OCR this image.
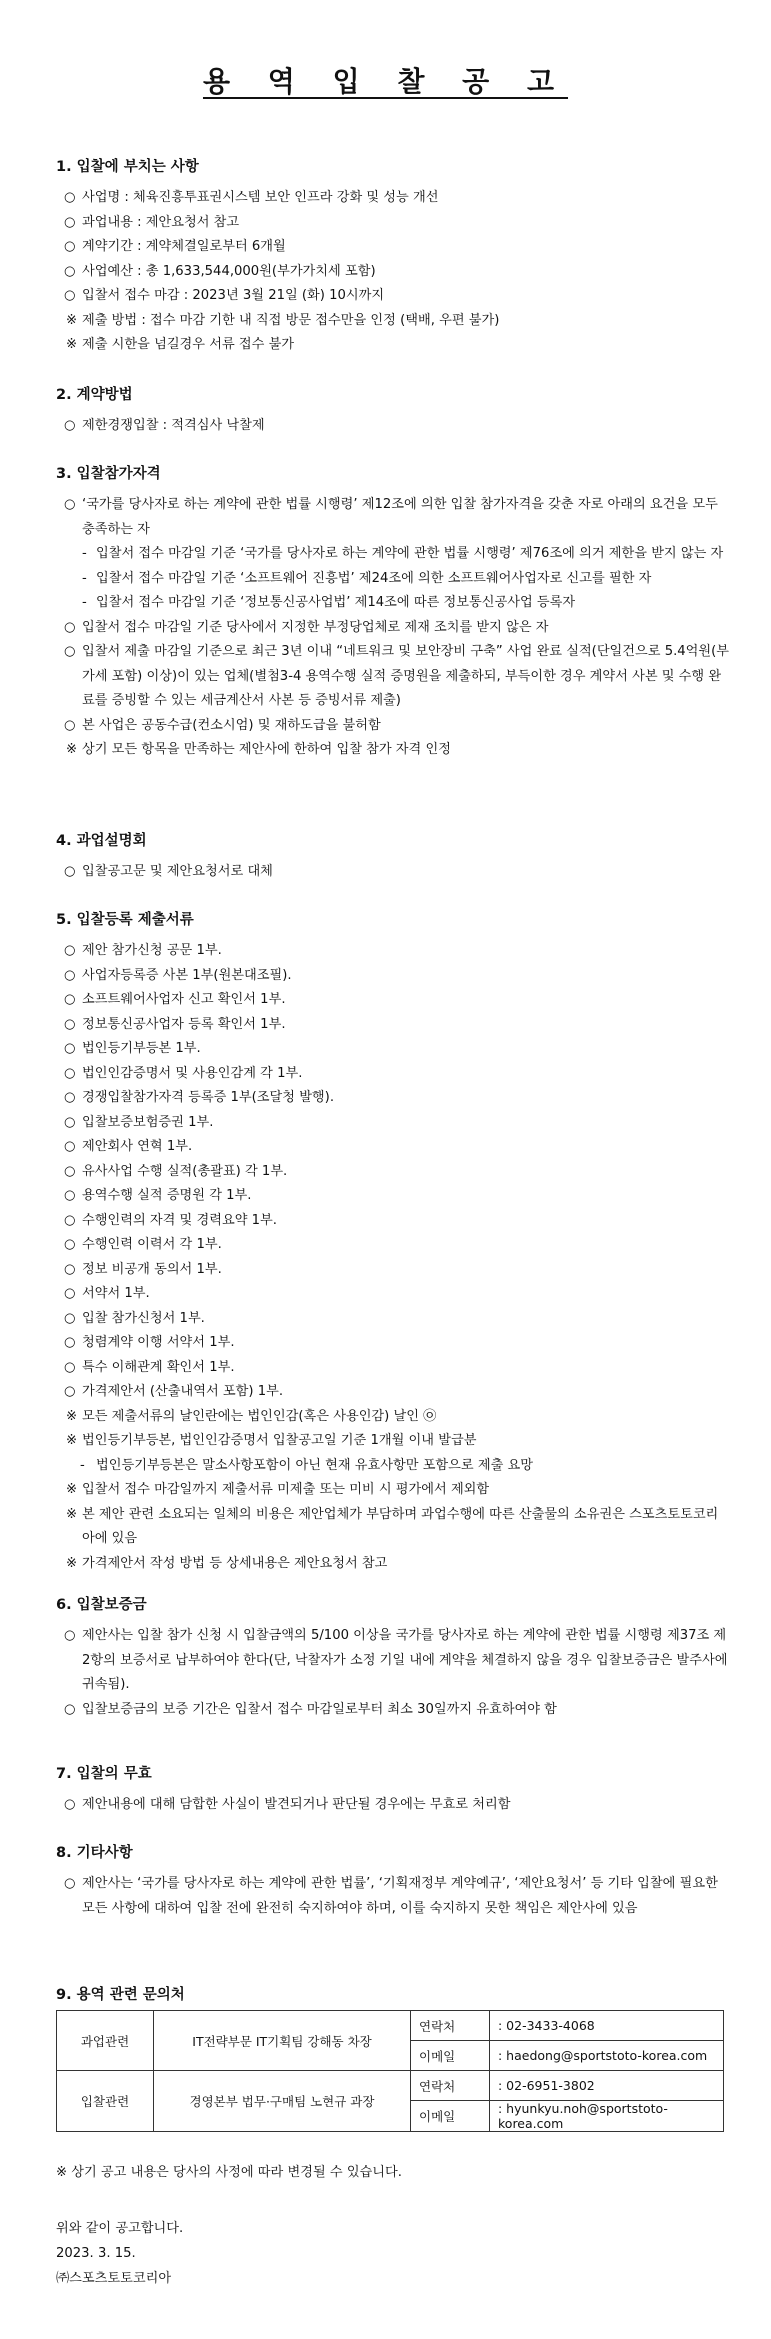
용 역 입 찰 공 고
1. 입찰에 부치는 사항
○ 사업명 : 체육진흥투표권시스템 보안 인프라 강화 및 성능 개선
○ 과업내용 : 제안요청서 참고
○ 계약기간 : 계약체결일로부터 6개월
○ 사업예산 : 총 1,633,544,000원(부가가치세 포함)
○ 입찰서 접수 마감 : 2023년 3월 21일 (화) 10시까지
※ 제출 방법 : 접수 마감 기한 내 직접 방문 접수만을 인정 (택배, 우편 불가)
※ 제출 시한을 넘길경우 서류 접수 불가
2. 계약방법
○ 제한경쟁입찰 : 적격심사 낙찰제
3. 입찰참가자격
○ ‘국가를 당사자로 하는 계약에 관한 법률 시행령’ 제12조에 의한 입찰 참가자격을 갖춘 자로 아래의 요건을 모두 충족하는 자
- 입찰서 접수 마감일 기준 ‘국가를 당사자로 하는 계약에 관한 법률 시행령’ 제76조에 의거 제한을 받지 않는 자
- 입찰서 접수 마감일 기준 ‘소프트웨어 진흥법’ 제24조에 의한 소프트웨어사업자로 신고를 필한 자
- 입찰서 접수 마감일 기준 ‘정보통신공사업법’ 제14조에 따른 정보통신공사업 등록자
○ 입찰서 접수 마감일 기준 당사에서 지정한 부정당업체로 제재 조치를 받지 않은 자
○ 입찰서 제출 마감일 기준으로 최근 3년 이내 “네트워크 및 보안장비 구축” 사업 완료 실적(단일건으로 5.4억원(부가세 포함) 이상)이 있는 업체(별첨3-4 용역수행 실적 증명원을 제출하되, 부득이한 경우 계약서 사본 및 수행 완료를 증빙할 수 있는 세금계산서 사본 등 증빙서류 제출)
○ 본 사업은 공동수급(컨소시엄) 및 재하도급을 불허함
※ 상기 모든 항목을 만족하는 제안사에 한하여 입찰 참가 자격 인정
4. 과업설명회
○ 입찰공고문 및 제안요청서로 대체
5. 입찰등록 제출서류
○ 제안 참가신청 공문 1부.
○ 사업자등록증 사본 1부(원본대조필).
○ 소프트웨어사업자 신고 확인서 1부.
○ 정보통신공사업자 등록 확인서 1부.
○ 법인등기부등본 1부.
○ 법인인감증명서 및 사용인감계 각 1부.
○ 경쟁입찰참가자격 등록증 1부(조달청 발행).
○ 입찰보증보험증권 1부.
○ 제안회사 연혁 1부.
○ 유사사업 수행 실적(총괄표) 각 1부.
○ 용역수행 실적 증명원 각 1부.
○ 수행인력의 자격 및 경력요약 1부.
○ 수행인력 이력서 각 1부.
○ 정보 비공개 동의서 1부.
○ 서약서 1부.
○ 입찰 참가신청서 1부.
○ 청렴계약 이행 서약서 1부.
○ 특수 이해관계 확인서 1부.
○ 가격제안서 (산출내역서 포함) 1부.
※ 모든 제출서류의 날인란에는 법인인감(혹은 사용인감) 날인 ㉧
※ 법인등기부등본, 법인인감증명서 입찰공고일 기준 1개월 이내 발급분
- 법인등기부등본은 말소사항포함이 아닌 현재 유효사항만 포함으로 제출 요망
※ 입찰서 접수 마감일까지 제출서류 미제출 또는 미비 시 평가에서 제외함
※ 본 제안 관련 소요되는 일체의 비용은 제안업체가 부담하며 과업수행에 따른 산출물의 소유권은 스포츠토토코리아에 있음
※ 가격제안서 작성 방법 등 상세내용은 제안요청서 참고
6. 입찰보증금
○ 제안사는 입찰 참가 신청 시 입찰금액의 5/100 이상을 국가를 당사자로 하는 계약에 관한 법률 시행령 제37조 제2항의 보증서로 납부하여야 한다(단, 낙찰자가 소정 기일 내에 계약을 체결하지 않을 경우 입찰보증금은 발주사에 귀속됨).
○ 입찰보증금의 보증 기간은 입찰서 접수 마감일로부터 최소 30일까지 유효하여야 함
7. 입찰의 무효
○ 제안내용에 대해 담합한 사실이 발견되거나 판단될 경우에는 무효로 처리함
8. 기타사항
○ 제안사는 ‘국가를 당사자로 하는 계약에 관한 법률’, ‘기획재정부 계약예규’, ‘제안요청서’ 등 기타 입찰에 필요한 모든 사항에 대하여 입찰 전에 완전히 숙지하여야 하며, 이를 숙지하지 못한 책임은 제안사에 있음
9. 용역 관련 문의처
과업관련	IT전략부문 IT기획팀 강해동 차장	연락처	: 02-3433-4068
		이메일	: haedong@sportstoto-korea.com
입찰관련	경영본부 법무·구매팀 노현규 과장	연락처	: 02-6951-3802
		이메일	: hyunkyu.noh@sportstoto-korea.com
※ 상기 공고 내용은 당사의 사정에 따라 변경될 수 있습니다.
위와 같이 공고합니다.
2023. 3. 15.
㈜스포츠토토코리아
